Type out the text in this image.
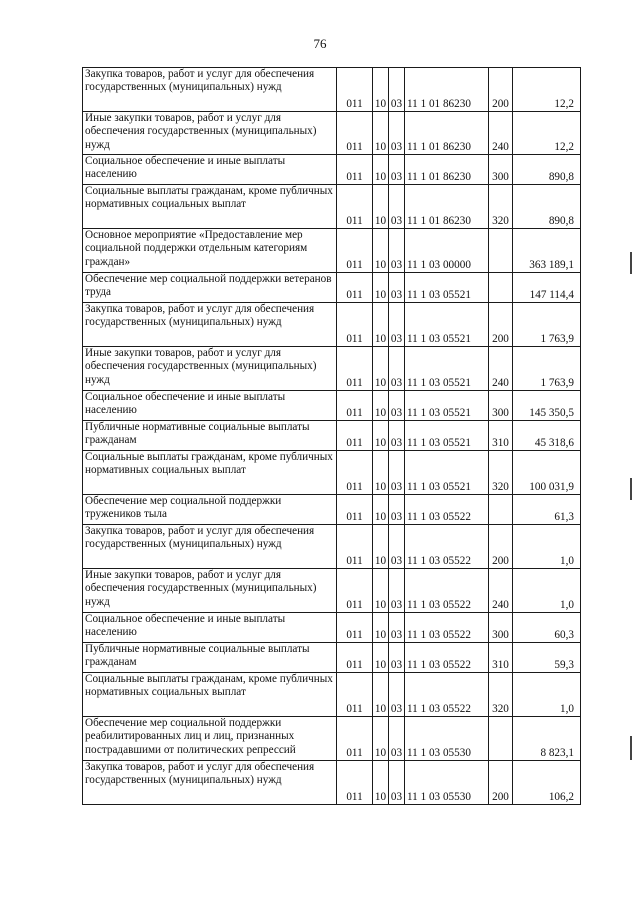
76
Закупка товаров, работ и услуг для обеспечения государственных (муниципальных) нужд	011	10	03	11 1 01 86230	200	12,2

Иные закупки товаров, работ и услуг для обеспечения государственных (муниципальных) нужд	011	10	03	11 1 01 86230	240	12,2

Социальное обеспечение и иные выплаты населению	011	10	03	11 1 01 86230	300	890,8

Социальные выплаты гражданам, кроме публичных нормативных социальных выплат	011	10	03	11 1 01 86230	320	890,8

Основное мероприятие «Предоставление мер социальной поддержки отдельным категориям граждан»	011	10	03	11 1 03 00000		363 189,1

Обеспечение мер социальной поддержки ветеранов труда	011	10	03	11 1 03 05521		147 114,4

Закупка товаров, работ и услуг для обеспечения государственных (муниципальных) нужд	011	10	03	11 1 03 05521	200	1 763,9

Иные закупки товаров, работ и услуг для обеспечения государственных (муниципальных) нужд	011	10	03	11 1 03 05521	240	1 763,9

Социальное обеспечение и иные выплаты населению	011	10	03	11 1 03 05521	300	145 350,5

Публичные нормативные социальные выплаты гражданам	011	10	03	11 1 03 05521	310	45 318,6

Социальные выплаты гражданам, кроме публичных нормативных социальных выплат	011	10	03	11 1 03 05521	320	100 031,9

Обеспечение мер социальной поддержки тружеников тыла	011	10	03	11 1 03 05522		61,3

Закупка товаров, работ и услуг для обеспечения государственных (муниципальных) нужд	011	10	03	11 1 03 05522	200	1,0

Иные закупки товаров, работ и услуг для обеспечения государственных (муниципальных) нужд	011	10	03	11 1 03 05522	240	1,0

Социальное обеспечение и иные выплаты населению	011	10	03	11 1 03 05522	300	60,3

Публичные нормативные социальные выплаты гражданам	011	10	03	11 1 03 05522	310	59,3

Социальные выплаты гражданам, кроме публичных нормативных социальных выплат	011	10	03	11 1 03 05522	320	1,0

Обеспечение мер социальной поддержки реабилитированных лиц и лиц, признанных пострадавшими от политических репрессий	011	10	03	11 1 03 05530		8 823,1

Закупка товаров, работ и услуг для обеспечения государственных (муниципальных) нужд	011	10	03	11 1 03 05530	200	106,2
